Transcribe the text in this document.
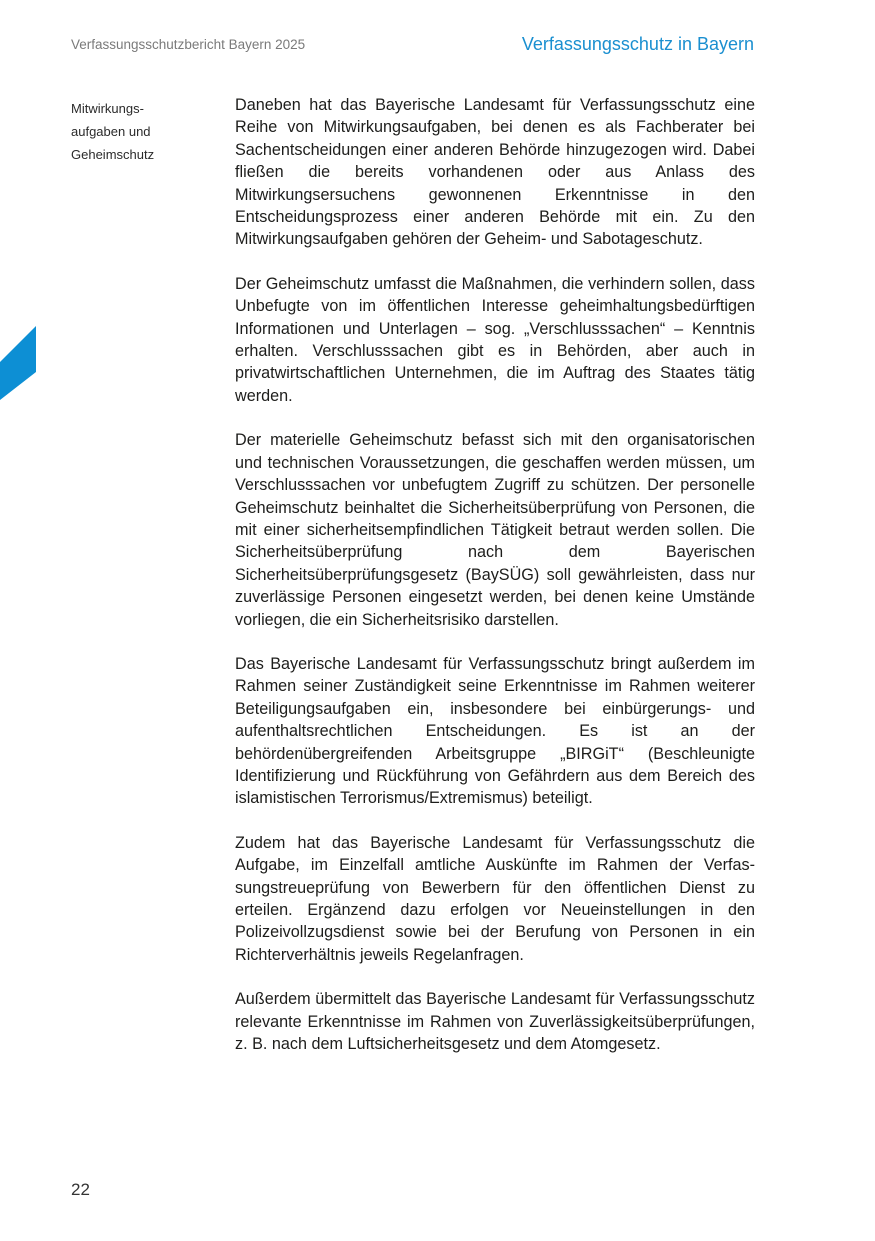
Verfassungsschutzbericht Bayern 2025	Verfassungsschutz in Bayern
Mitwirkungsaufgaben und Geheimschutz

Daneben hat das Bayerische Landesamt für Verfassungsschutz eine Reihe von Mitwirkungsaufgaben, bei denen es als Fachberater bei Sachentscheidungen einer anderen Behörde hinzugezogen wird. Dabei fließen die bereits vorhandenen oder aus Anlass des Mitwirkungsersuchens gewonnenen Erkenntnisse in den Entscheidungsprozess einer anderen Behörde mit ein. Zu den Mitwirkungsaufgaben gehören der Geheim- und Sabotageschutz.

Der Geheimschutz umfasst die Maßnahmen, die verhindern sollen, dass Unbefugte von im öffentlichen Interesse geheimhaltungsbedürftigen Informationen und Unterlagen – sog. „Verschlusssachen“ – Kenntnis erhalten. Verschlusssachen gibt es in Behörden, aber auch in privatwirtschaftlichen Unternehmen, die im Auftrag des Staates tätig werden.

Der materielle Geheimschutz befasst sich mit den organisatorischen und technischen Voraussetzungen, die geschaffen werden müssen, um Verschlusssachen vor unbefugtem Zugriff zu schützen. Der personelle Geheimschutz beinhaltet die Sicherheitsüberprüfung von Personen, die mit einer sicherheitsempfindlichen Tätigkeit betraut werden sollen. Die Sicherheitsüberprüfung nach dem Bayerischen Sicherheitsüberprüfungsgesetz (BaySÜG) soll gewährleisten, dass nur zuverlässige Personen eingesetzt werden, bei denen keine Umstände vorliegen, die ein Sicherheitsrisiko darstellen.

Das Bayerische Landesamt für Verfassungsschutz bringt außerdem im Rahmen seiner Zuständigkeit seine Erkenntnisse im Rahmen weiterer Beteiligungsaufgaben ein, insbesondere bei einbürgerungs- und aufenthaltsrechtlichen Entscheidungen. Es ist an der behördenübergreifenden Arbeitsgruppe „BIRGiT“ (Beschleunigte Identifizierung und Rückführung von Gefährdern aus dem Bereich des islamistischen Terrorismus/Extremismus) beteiligt.

Zudem hat das Bayerische Landesamt für Verfassungsschutz die Aufgabe, im Einzelfall amtliche Auskünfte im Rahmen der Verfassungstreueprüfung von Bewerbern für den öffentlichen Dienst zu erteilen. Ergänzend dazu erfolgen vor Neueinstellungen in den Polizeivollzugsdienst sowie bei der Berufung von Personen in ein Richterverhältnis jeweils Regelanfragen.

Außerdem übermittelt das Bayerische Landesamt für Verfassungsschutz relevante Erkenntnisse im Rahmen von Zuverlässigkeitsüberprüfungen, z. B. nach dem Luftsicherheitsgesetz und dem Atomgesetz.

22
